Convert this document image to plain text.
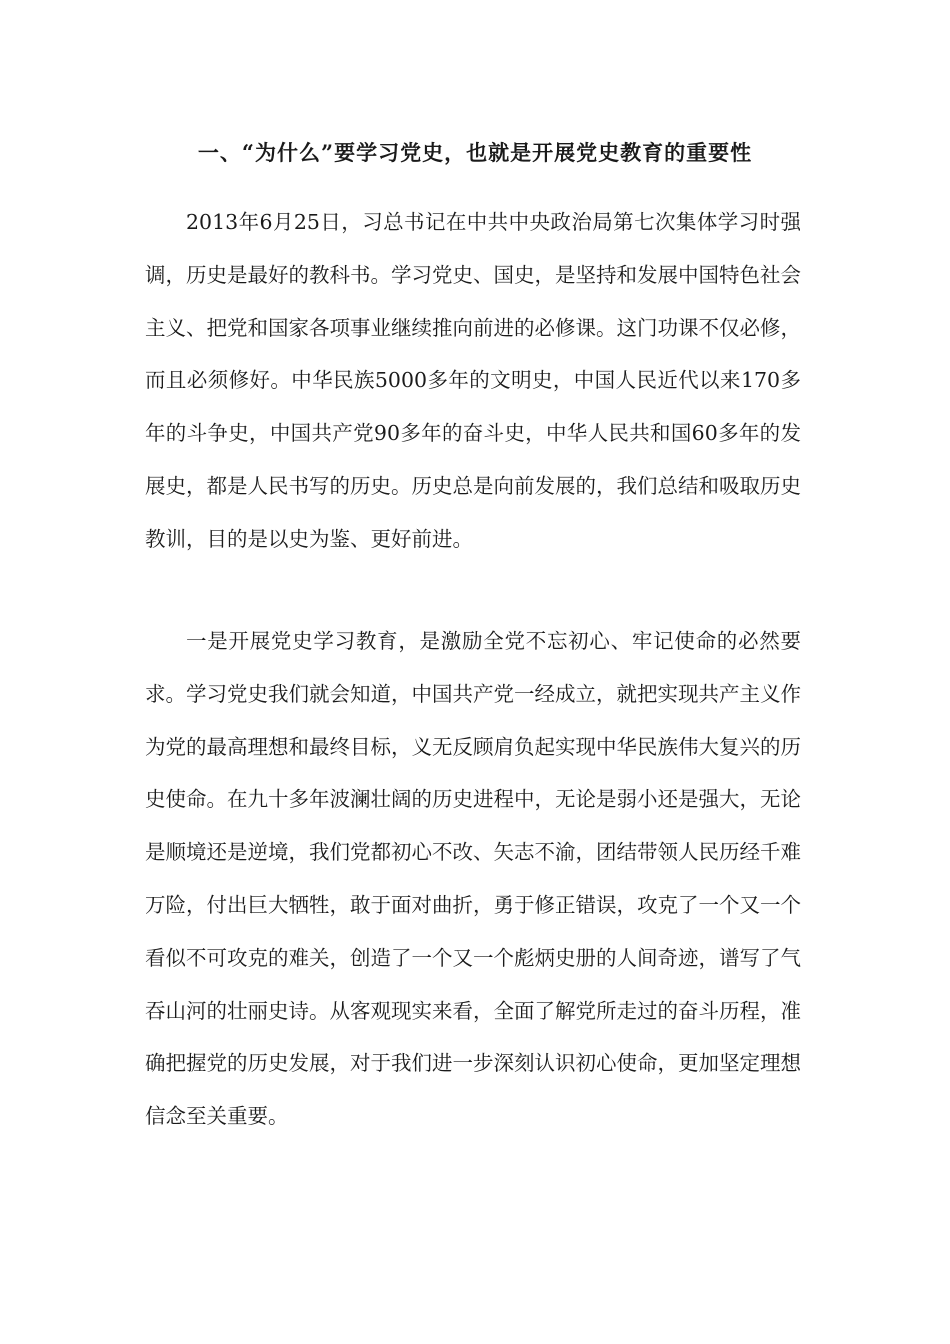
一、“为什么”要学习党史，也就是开展党史教育的重要性

2013年6月25日，习总书记在中共中央政治局第七次集体学习时强调，历史是最好的教科书。学习党史、国史，是坚持和发展中国特色社会主义、把党和国家各项事业继续推向前进的必修课。这门功课不仅必修，而且必须修好。中华民族5000多年的文明史，中国人民近代以来170多年的斗争史，中国共产党90多年的奋斗史，中华人民共和国60多年的发展史，都是人民书写的历史。历史总是向前发展的，我们总结和吸取历史教训，目的是以史为鉴、更好前进。

一是开展党史学习教育，是激励全党不忘初心、牢记使命的必然要求。学习党史我们就会知道，中国共产党一经成立，就把实现共产主义作为党的最高理想和最终目标，义无反顾肩负起实现中华民族伟大复兴的历史使命。在九十多年波澜壮阔的历史进程中，无论是弱小还是强大，无论是顺境还是逆境，我们党都初心不改、矢志不渝，团结带领人民历经千难万险，付出巨大牺牲，敢于面对曲折，勇于修正错误，攻克了一个又一个看似不可攻克的难关，创造了一个又一个彪炳史册的人间奇迹，谱写了气吞山河的壮丽史诗。从客观现实来看，全面了解党所走过的奋斗历程，准确把握党的历史发展，对于我们进一步深刻认识初心使命，更加坚定理想信念至关重要。
